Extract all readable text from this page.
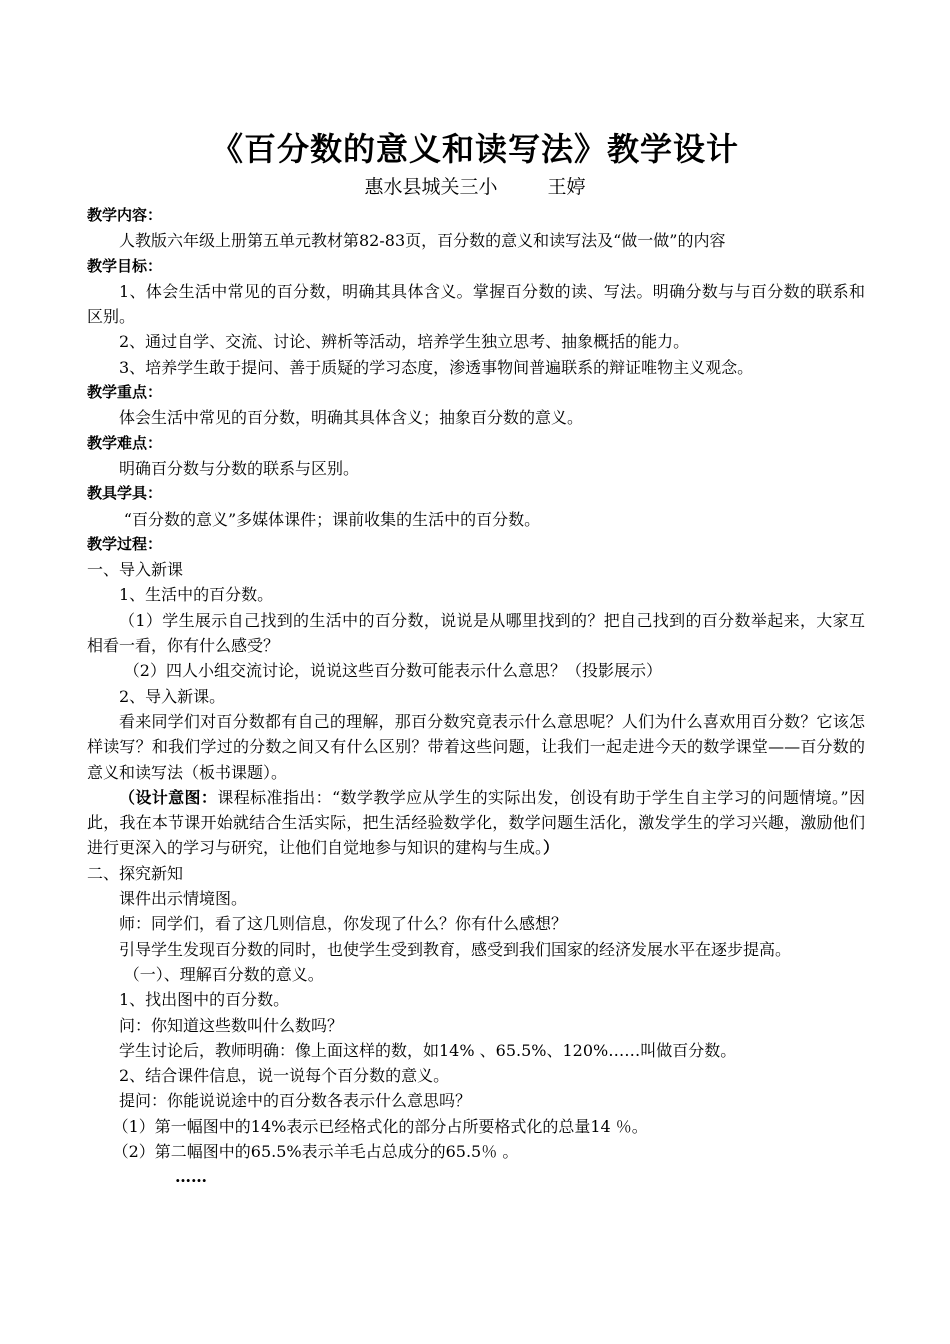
《百分数的意义和读写法》教学设计
惠水县城关三小	王婷

教学内容：

人教版六年级上册第五单元教材第82-83页，百分数的意义和读写法及“做一做”的内容

教学目标：

1、体会生活中常见的百分数，明确其具体含义。掌握百分数的读、写法。明确分数与与百分数的联系和区别。

2、通过自学、交流、讨论、辨析等活动，培养学生独立思考、抽象概括的能力。

3、培养学生敢于提问、善于质疑的学习态度，渗透事物间普遍联系的辩证唯物主义观念。

教学重点：

体会生活中常见的百分数，明确其具体含义；抽象百分数的意义。

教学难点：

明确百分数与分数的联系与区别。

教具学具：

“百分数的意义”多媒体课件；课前收集的生活中的百分数。

教学过程：

一、导入新课

1、生活中的百分数。

（1）学生展示自己找到的生活中的百分数，说说是从哪里找到的？把自己找到的百分数举起来，大家互相看一看，你有什么感受？

（2）四人小组交流讨论，说说这些百分数可能表示什么意思？（投影展示）

2、导入新课。

看来同学们对百分数都有自己的理解，那百分数究竟表示什么意思呢？人们为什么喜欢用百分数？它该怎样读写？和我们学过的分数之间又有什么区别？带着这些问题，让我们一起走进今天的数学课堂——百分数的意义和读写法（板书课题）。

（设计意图：课程标准指出：“数学教学应从学生的实际出发，创设有助于学生自主学习的问题情境。”因此，我在本节课开始就结合生活实际，把生活经验数学化，数学问题生活化，激发学生的学习兴趣，激励他们进行更深入的学习与研究，让他们自觉地参与知识的建构与生成。）

二、探究新知

课件出示情境图。

师：同学们，看了这几则信息，你发现了什么？你有什么感想？

引导学生发现百分数的同时，也使学生受到教育，感受到我们国家的经济发展水平在逐步提高。

（一）、理解百分数的意义。

1、找出图中的百分数。

问：你知道这些数叫什么数吗？

学生讨论后，教师明确：像上面这样的数，如14% 、65.5%、120%……叫做百分数。

2、结合课件信息，说一说每个百分数的意义。

提问：你能说说途中的百分数各表示什么意思吗？

（1）第一幅图中的14%表示已经格式化的部分占所要格式化的总量14 ％。

（2）第二幅图中的65.5%表示羊毛占总成分的65.5％ 。

……
